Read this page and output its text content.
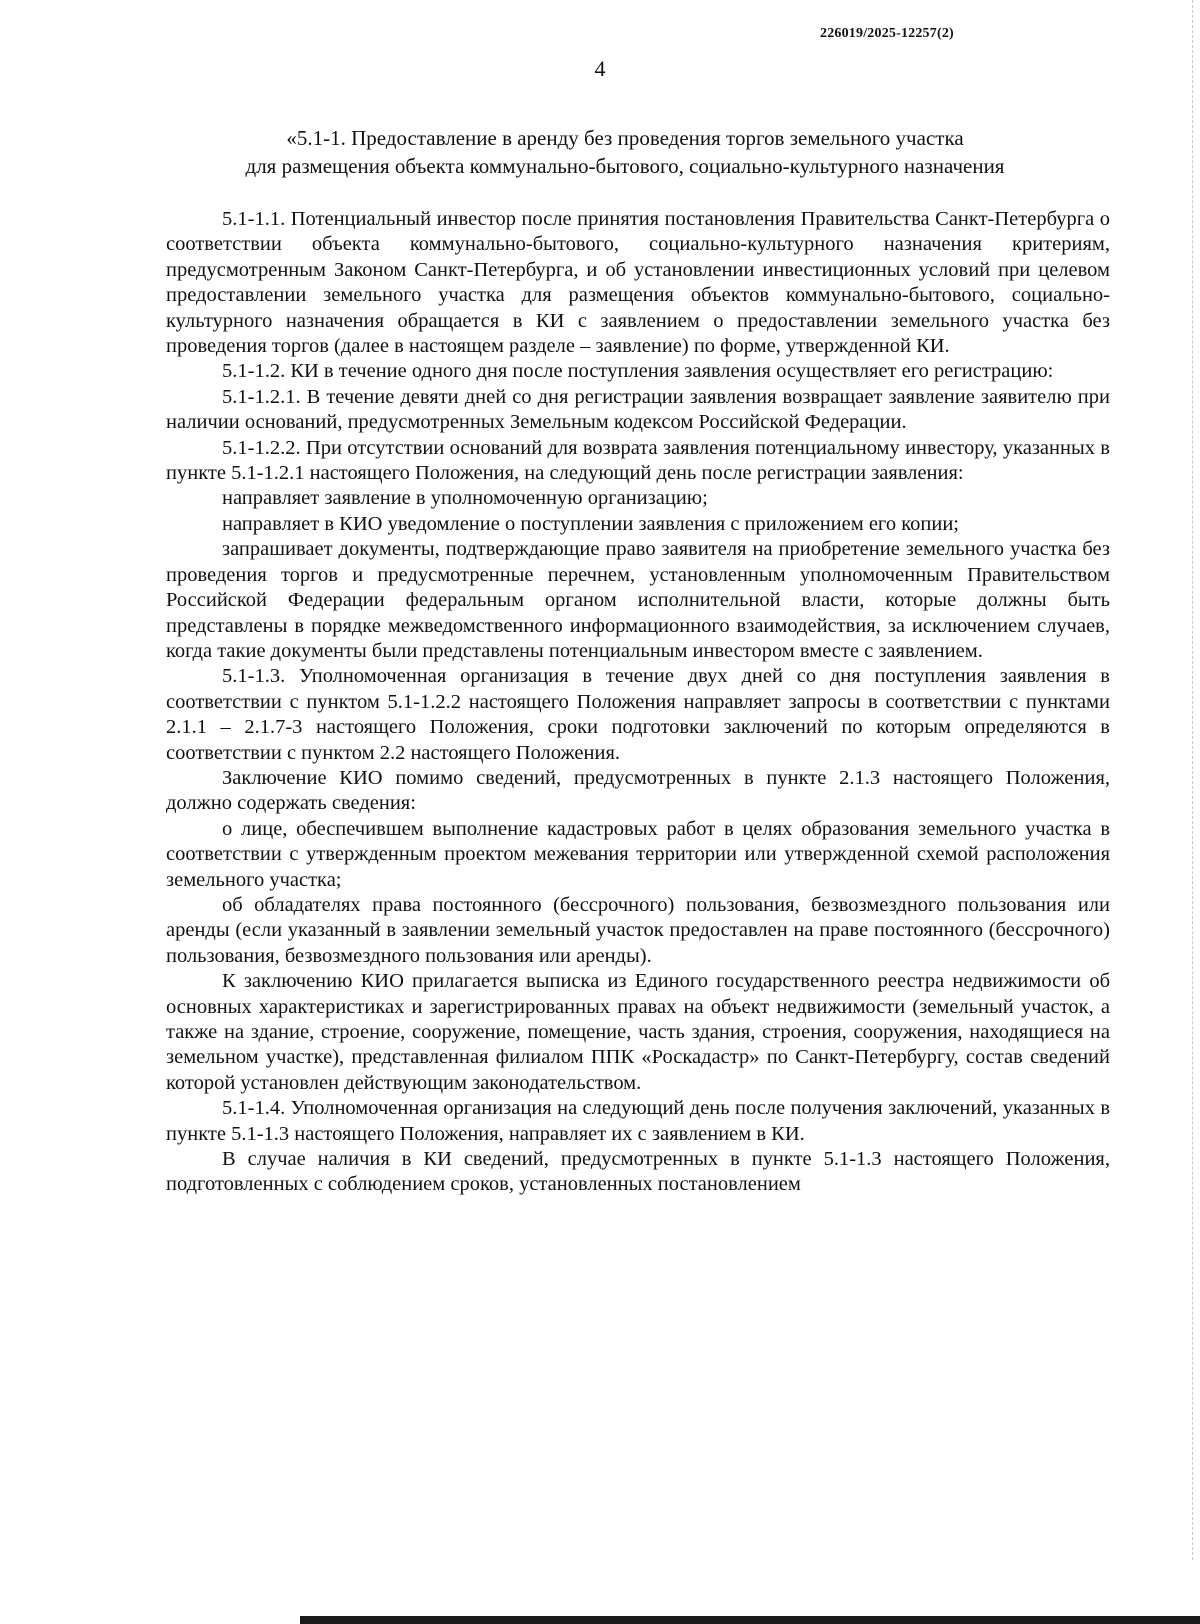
226019/2025-12257(2)
4
«5.1-1. Предоставление в аренду без проведения торгов земельного участка
для размещения объекта коммунально-бытового, социально-культурного назначения

5.1-1.1. Потенциальный инвестор после принятия постановления Правительства Санкт-Петербурга о соответствии объекта коммунально-бытового, социально-культурного назначения критериям, предусмотренным Законом Санкт-Петербурга, и об установлении инвестиционных условий при целевом предоставлении земельного участка для размещения объектов коммунально-бытового, социально-культурного назначения обращается в КИ с заявлением о предоставлении земельного участка без проведения торгов (далее в настоящем разделе – заявление) по форме, утвержденной КИ.

5.1-1.2. КИ в течение одного дня после поступления заявления осуществляет его регистрацию:

5.1-1.2.1. В течение девяти дней со дня регистрации заявления возвращает заявление заявителю при наличии оснований, предусмотренных Земельным кодексом Российской Федерации.

5.1-1.2.2. При отсутствии оснований для возврата заявления потенциальному инвестору, указанных в пункте 5.1-1.2.1 настоящего Положения, на следующий день после регистрации заявления:

направляет заявление в уполномоченную организацию;

направляет в КИО уведомление о поступлении заявления с приложением его копии;

запрашивает документы, подтверждающие право заявителя на приобретение земельного участка без проведения торгов и предусмотренные перечнем, установленным уполномоченным Правительством Российской Федерации федеральным органом исполнительной власти, которые должны быть представлены в порядке межведомственного информационного взаимодействия, за исключением случаев, когда такие документы были представлены потенциальным инвестором вместе с заявлением.

5.1-1.3. Уполномоченная организация в течение двух дней со дня поступления заявления в соответствии с пунктом 5.1-1.2.2 настоящего Положения направляет запросы в соответствии с пунктами 2.1.1 – 2.1.7-3 настоящего Положения, сроки подготовки заключений по которым определяются в соответствии с пунктом 2.2 настоящего Положения.

Заключение КИО помимо сведений, предусмотренных в пункте 2.1.3 настоящего Положения, должно содержать сведения:

о лице, обеспечившем выполнение кадастровых работ в целях образования земельного участка в соответствии с утвержденным проектом межевания территории или утвержденной схемой расположения земельного участка;

об обладателях права постоянного (бессрочного) пользования, безвозмездного пользования или аренды (если указанный в заявлении земельный участок предоставлен на праве постоянного (бессрочного) пользования, безвозмездного пользования или аренды).

К заключению КИО прилагается выписка из Единого государственного реестра недвижимости об основных характеристиках и зарегистрированных правах на объект недвижимости (земельный участок, а также на здание, строение, сооружение, помещение, часть здания, строения, сооружения, находящиеся на земельном участке), представленная филиалом ППК «Роскадастр» по Санкт-Петербургу, состав сведений которой установлен действующим законодательством.

5.1-1.4. Уполномоченная организация на следующий день после получения заключений, указанных в пункте 5.1-1.3 настоящего Положения, направляет их с заявлением в КИ.

В случае наличия в КИ сведений, предусмотренных в пункте 5.1-1.3 настоящего Положения, подготовленных с соблюдением сроков, установленных постановлением
